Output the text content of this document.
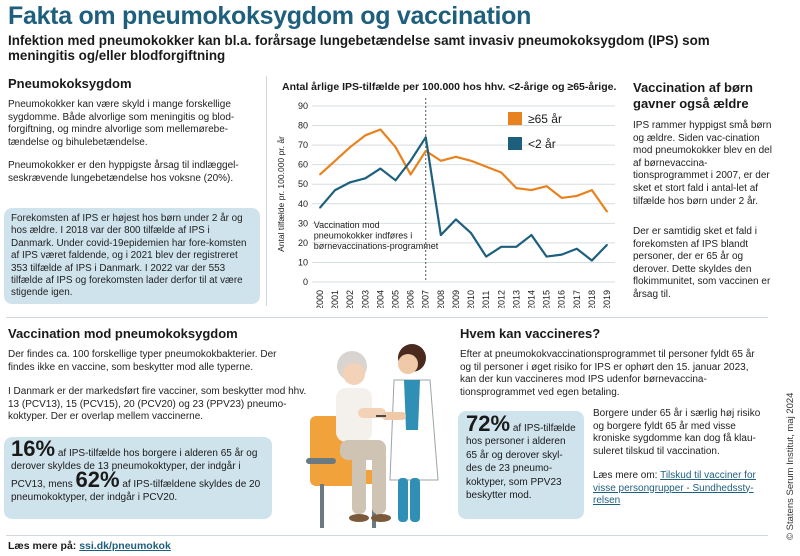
Fakta om pneumokoksygdom og vaccination
Infektion med pneumokokker kan bl.a. forårsage lungebetændelse samt invasiv pneumokoksygdom (IPS) som meningitis og/eller blodforgiftning
Pneumokoksygdom
Pneumokokker kan være skyld i mange forskellige sygdomme. Både alvorlige som meningitis og blod-forgiftning, og mindre alvorlige som mellemørebe-tændelse og bihulebetændelse.
Pneumokokker er den hyppigste årsag til indlæggel-seskrævende lungebetændelse hos voksne (20%).
Forekomsten af IPS er højest hos børn under 2 år og hos ældre. I 2018 var der 800 tilfælde af IPS i Danmark. Under covid-19epidemien har fore-komsten af IPS været faldende, og i 2021 blev der registreret 353 tilfælde af IPS i Danmark. I 2022 var der 553 tilfælde af IPS og forekomsten lader derfor til at være stigende igen.
Antal årlige IPS-tilfælde per 100.000 hos hhv. <2-årige og ≥65-årige.
0
10
20
30
40
50
60
70
80
90
2000 2001 2002 2003 2004 2005 2006 2007 2008 2009 2010 2011 2012 2013 2014 2015 2016 2017 2018 2019
Antal tilfælde pr. 100.000 pr. år	Vaccination mod pneumokokker indføres i børnevaccinations-programmet
≥65 år
<2 år
Vaccination af børn gavner også ældre
IPS rammer hyppigst små børn og ældre. Siden vac-cination mod pneumokokker blev en del af børnevaccina-tionsprogrammet i 2007, er der sket et stort fald i antal-let af tilfælde hos børn under 2 år.
Der er samtidig sket et fald i forekomsten af IPS blandt personer, der er 65 år og derover. Dette skyldes den flokimmunitet, som vaccinen er årsag til.
Vaccination mod pneumokoksygdom
Der findes ca. 100 forskellige typer pneumokokbakterier. Der findes ikke en vaccine, som beskytter mod alle typerne.
I Danmark er der markedsført fire vacciner, som beskytter mod hhv. 13 (PCV13), 15 (PCV15), 20 (PCV20) og 23 (PPV23) pneumo-koktyper. Der er overlap mellem vaccinerne.
16% af IPS-tilfælde hos borgere i alderen 65 år og derover skyldes de 13 pneumokoktyper, der indgår i PCV13, mens 62% af IPS-tilfældene skyldes de 20 pneumokoktyper, der indgår i PCV20.
Hvem kan vaccineres?
Efter at pneumokokvaccinationsprogrammet til personer fyldt 65 år og til personer i øget risiko for IPS er ophørt den 15. januar 2023, kan der kun vaccineres mod IPS udenfor børnevaccina-tionsprogrammet ved egen betaling.
72% af IPS-tilfælde hos personer i alderen 65 år og derover skyl-des de 23 pneumo-koktyper, som PPV23 beskytter mod.
Borgere under 65 år i særlig høj risiko og borgere fyldt 65 år med visse kroniske sygdomme kan dog få klau-suleret tilskud til vaccination.
Læs mere om: Tilskud til vacciner for visse persongrupper - Sundhedssty-relsen
Læs mere på: ssi.dk/pneumokok
© Statens Serum Institut, maj 2024
